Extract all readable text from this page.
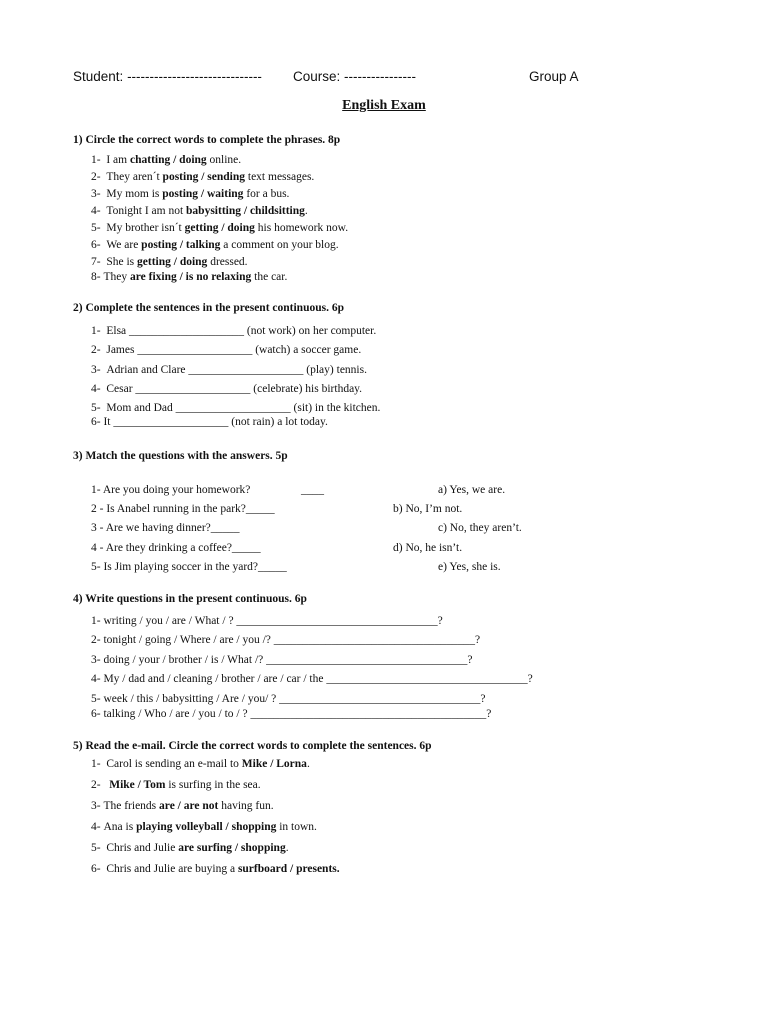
Student: ------------------------------ Course: ----------------	Group A
English Exam
1) Circle the correct words to complete the phrases. 8p
1- I am chatting / doing online.
2- They aren´t posting / sending text messages.
3- My mom is posting / waiting for a bus.
4- Tonight I am not babysitting / childsitting.
5- My brother isn´t getting / doing his homework now.
6- We are posting / talking a comment on your blog.
7- She is getting / doing dressed.
8- They are fixing / is no relaxing the car.
2) Complete the sentences in the present continuous. 6p
1- Elsa ____________________ (not work) on her computer.
2- James ____________________ (watch) a soccer game.
3- Adrian and Clare ____________________ (play) tennis.
4- Cesar ____________________ (celebrate) his birthday.
5- Mom and Dad ____________________ (sit) in the kitchen.
6- It ____________________ (not rain) a lot today.
3) Match the questions with the answers. 5p
1- Are you doing your homework?	____
2 - Is Anabel running in the park?_____
3 - Are we having dinner?_____
4 - Are they drinking a coffee?_____
5- Is Jim playing soccer in the yard?_____
a) Yes, we are.
b) No, I’m not.
c) No, they aren’t.
d) No, he isn’t.
e) Yes, she is.
4) Write questions in the present continuous. 6p
1- writing / you / are / What / ? ___________________________________?
2- tonight / going / Where / are / you /? ___________________________________?
3- doing / your / brother / is / What /? ___________________________________?
4- My / dad and / cleaning / brother / are / car / the ___________________________________?
5- week / this / babysitting / Are / you/ ? ___________________________________?
6- talking / Who / are / you / to / ? _________________________________________?
5) Read the e-mail. Circle the correct words to complete the sentences. 6p
1- Carol is sending an e-mail to Mike / Lorna.
2- Mike / Tom is surfing in the sea.
3- The friends are / are not having fun.
4- Ana is playing volleyball / shopping in town.
5- Chris and Julie are surfing / shopping.
6- Chris and Julie are buying a surfboard / presents.
